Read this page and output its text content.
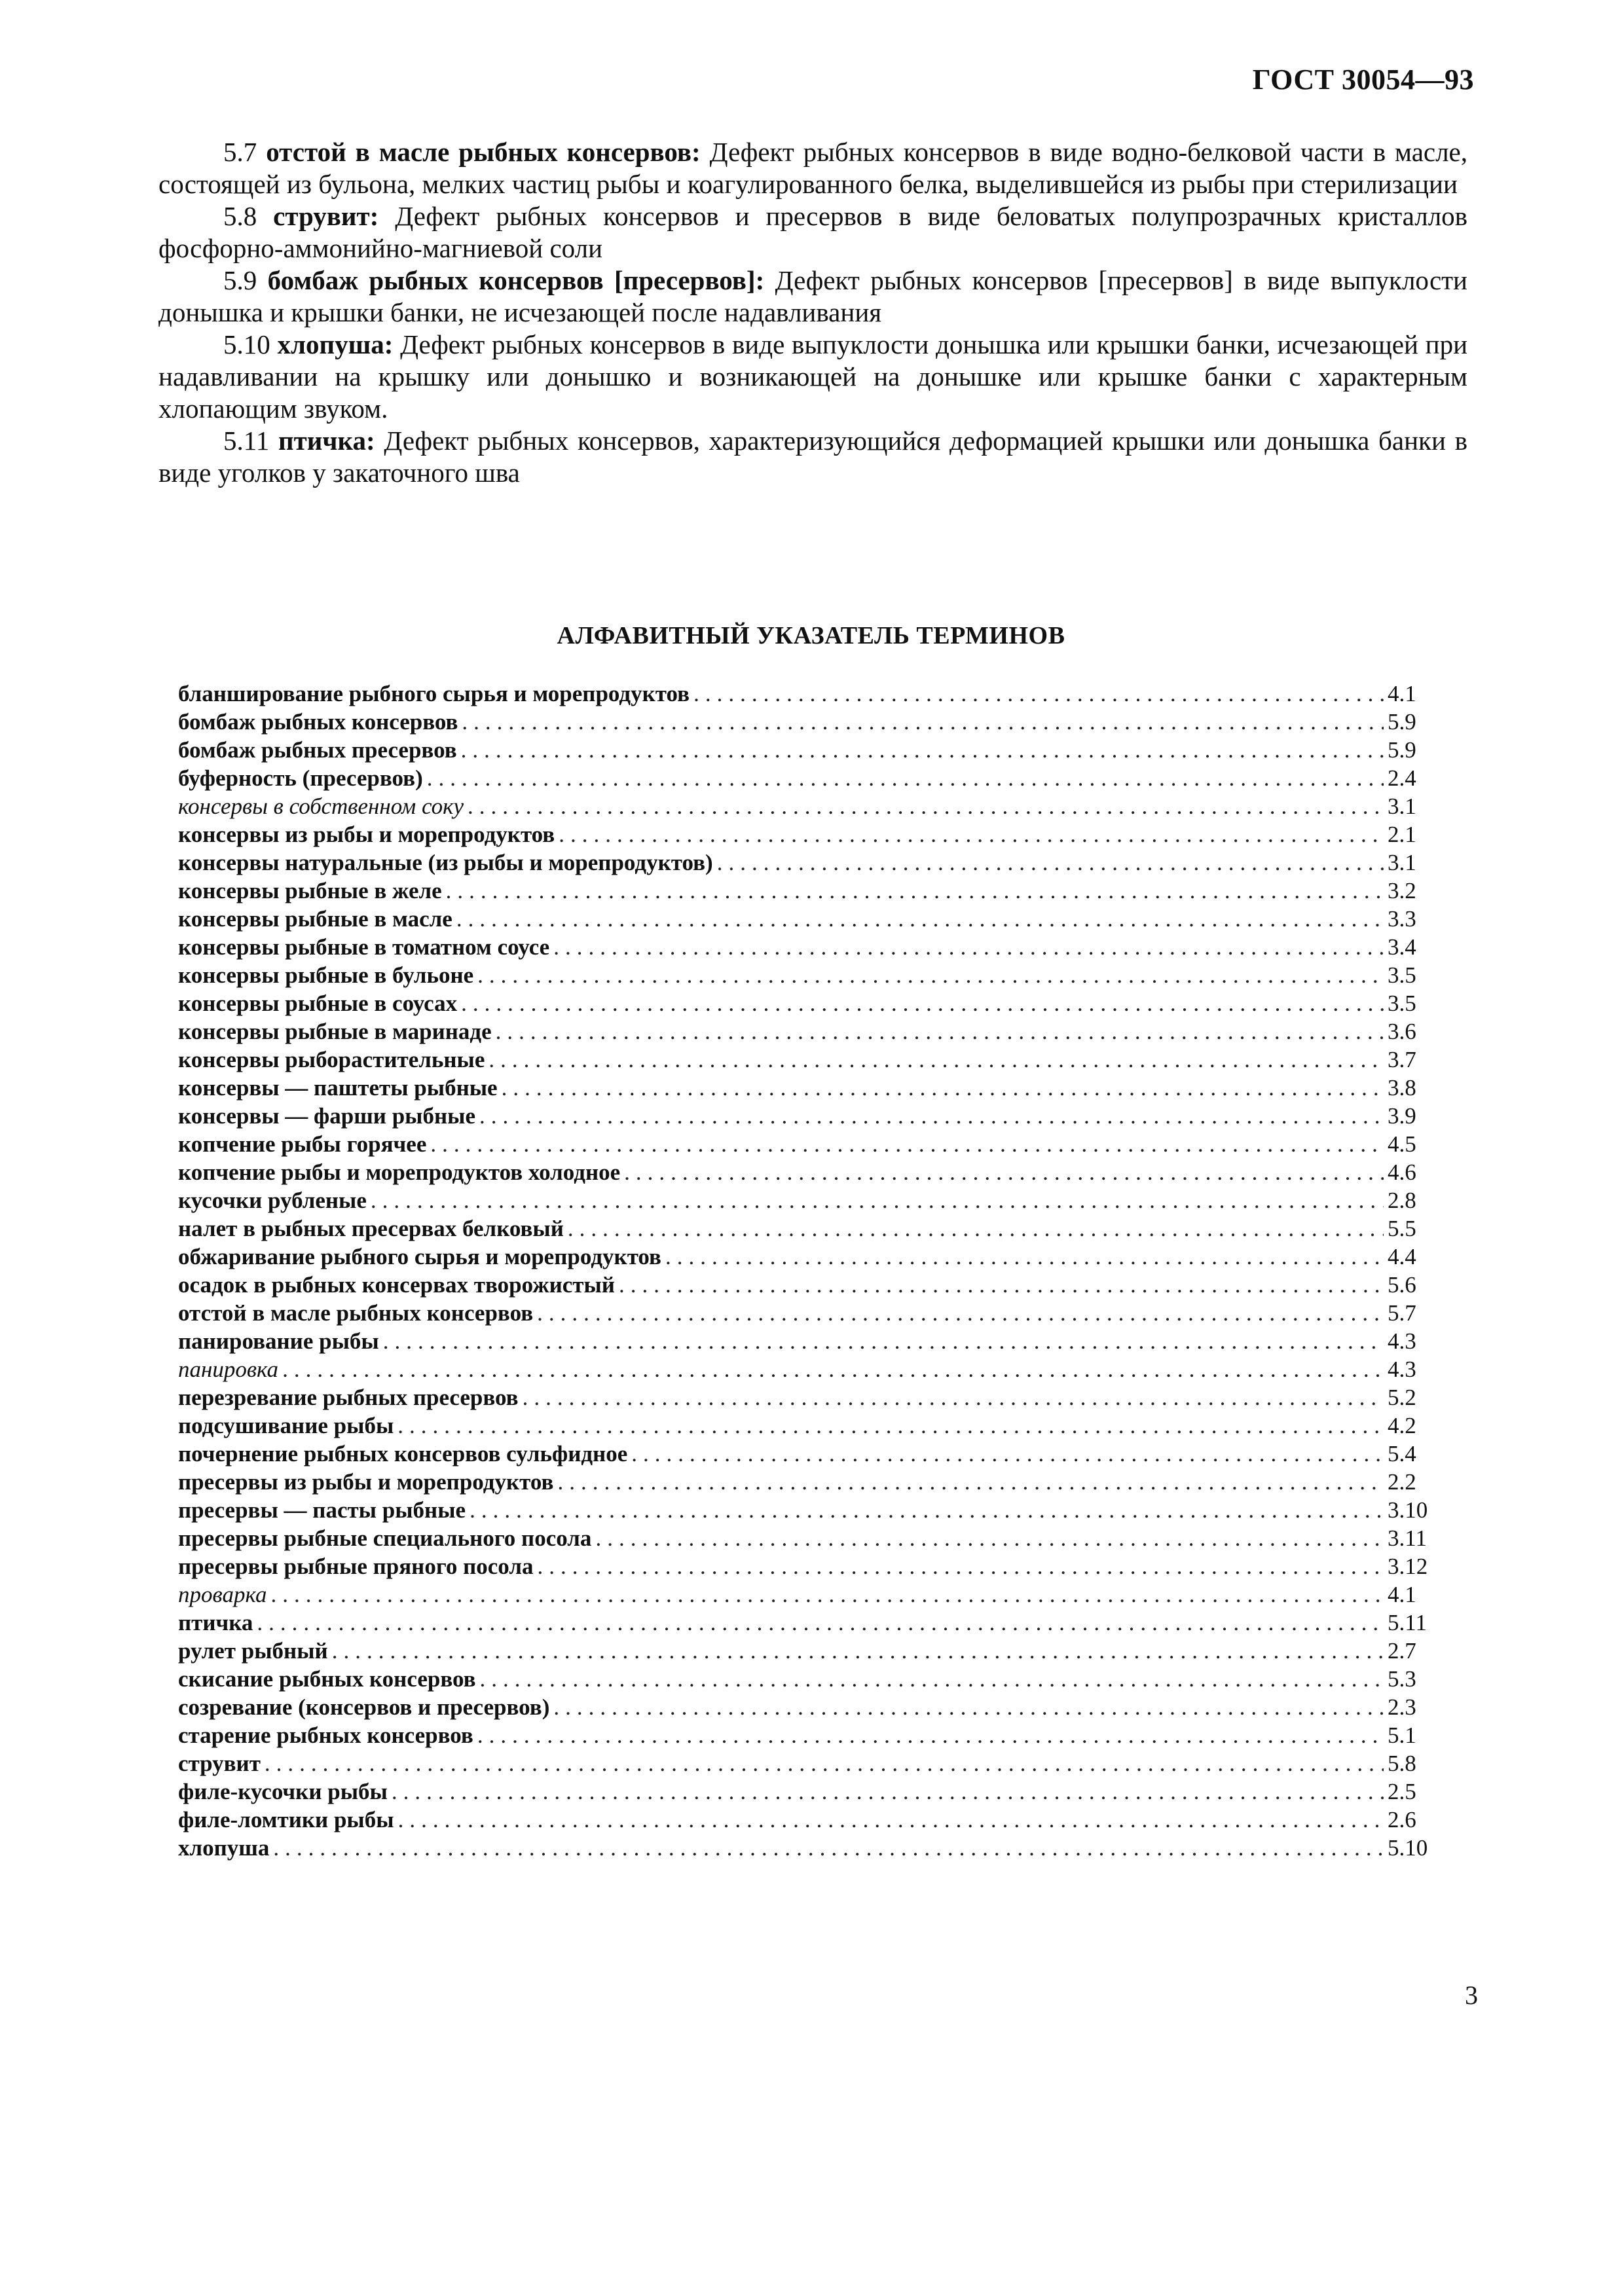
ГОСТ 30054—93

5.7 отстой в масле рыбных консервов: Дефект рыбных консервов в виде водно-белковой части в масле, состоящей из бульона, мелких частиц рыбы и коагулированного белка, выделившейся из рыбы при стерилизации

5.8 струвит: Дефект рыбных консервов и пресервов в виде беловатых полупрозрачных кристаллов фосфорно-аммонийно-магниевой соли

5.9 бомбаж рыбных консервов [пресервов]: Дефект рыбных консервов [пресервов] в виде выпуклости донышка и крышки банки, не исчезающей после надавливания

5.10 хлопуша: Дефект рыбных консервов в виде выпуклости донышка или крышки банки, исчезающей при надавливании на крышку или донышко и возникающей на донышке или крышке банки с характерным хлопающим звуком.

5.11 птичка: Дефект рыбных консервов, характеризующийся деформацией крышки или донышка банки в виде уголков у закаточного шва

АЛФАВИТНЫЙ УКАЗАТЕЛЬ ТЕРМИНОВ
бланширование рыбного сырья и морепродуктов .....	4.1
бомбаж рыбных консервов .....	5.9
бомбаж рыбных пресервов .....	5.9
буферность (пресервов) .....	2.4
консервы в собственном соку .....	3.1
консервы из рыбы и морепродуктов .....	2.1
консервы натуральные (из рыбы и морепродуктов) .....	3.1
консервы рыбные в желе .....	3.2
консервы рыбные в масле .....	3.3
консервы рыбные в томатном соусе .....	3.4
консервы рыбные в бульоне .....	3.5
консервы рыбные в соусах .....	3.5
консервы рыбные в маринаде .....	3.6
консервы рыборастительные .....	3.7
консервы — паштеты рыбные .....	3.8
консервы — фарши рыбные .....	3.9
копчение рыбы горячее .....	4.5
копчение рыбы и морепродуктов холодное .....	4.6
кусочки рубленые .....	2.8
налет в рыбных пресервах белковый .....	5.5
обжаривание рыбного сырья и морепродуктов .....	4.4
осадок в рыбных консервах творожистый .....	5.6
отстой в масле рыбных консервов .....	5.7
панирование рыбы .....	4.3
панировка .....	4.3
перезревание рыбных пресервов .....	5.2
подсушивание рыбы .....	4.2
почернение рыбных консервов сульфидное .....	5.4
пресервы из рыбы и морепродуктов .....	2.2
пресервы — пасты рыбные .....	3.10
пресервы рыбные специального посола .....	3.11
пресервы рыбные пряного посола .....	3.12
проварка .....	4.1
птичка .....	5.11
рулет рыбный .....	2.7
скисание рыбных консервов .....	5.3
созревание (консервов и пресервов) .....	2.3
старение рыбных консервов .....	5.1
струвит .....	5.8
филе-кусочки рыбы .....	2.5
филе-ломтики рыбы .....	2.6
хлопуша .....	5.10

3
